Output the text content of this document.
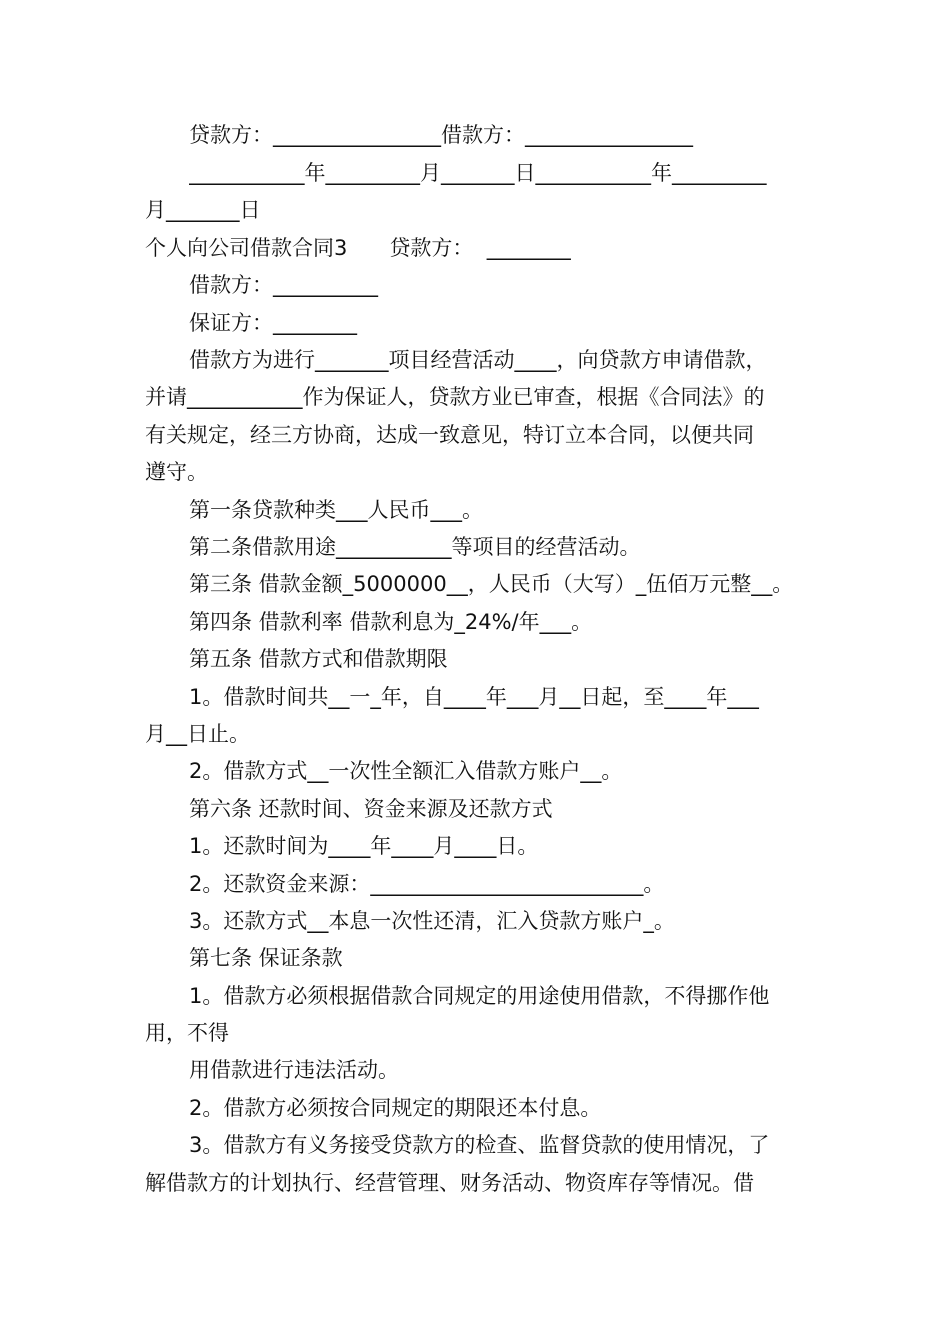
贷款方：________________借款方：________________
___________年_________月_______日___________年_________
月_______日
个人向公司借款合同3　　贷款方：  ________
借款方：__________
保证方：________
借款方为进行_______项目经营活动____，向贷款方申请借款，
并请___________作为保证人，贷款方业已审查，根据《合同法》的
有关规定，经三方协商，达成一致意见，特订立本合同，以便共同
遵守。
第一条贷款种类___人民币___。
第二条借款用途___________等项目的经营活动。
第三条 借款金额_5000000__，人民币（大写）_伍佰万元整__。
第四条 借款利率 借款利息为_24%/年___。
第五条 借款方式和借款期限
1。借款时间共__一_年，自____年___月__日起，至____年___
月__日止。
2。借款方式__一次性全额汇入借款方账户__。
第六条 还款时间、资金来源及还款方式
1。还款时间为____年____月____日。
2。还款资金来源：__________________________。
3。还款方式__本息一次性还清，汇入贷款方账户_。
第七条 保证条款
1。借款方必须根据借款合同规定的用途使用借款，不得挪作他
用，不得
用借款进行违法活动。
2。借款方必须按合同规定的期限还本付息。
3。借款方有义务接受贷款方的检查、监督贷款的使用情况，了
解借款方的计划执行、经营管理、财务活动、物资库存等情况。借
